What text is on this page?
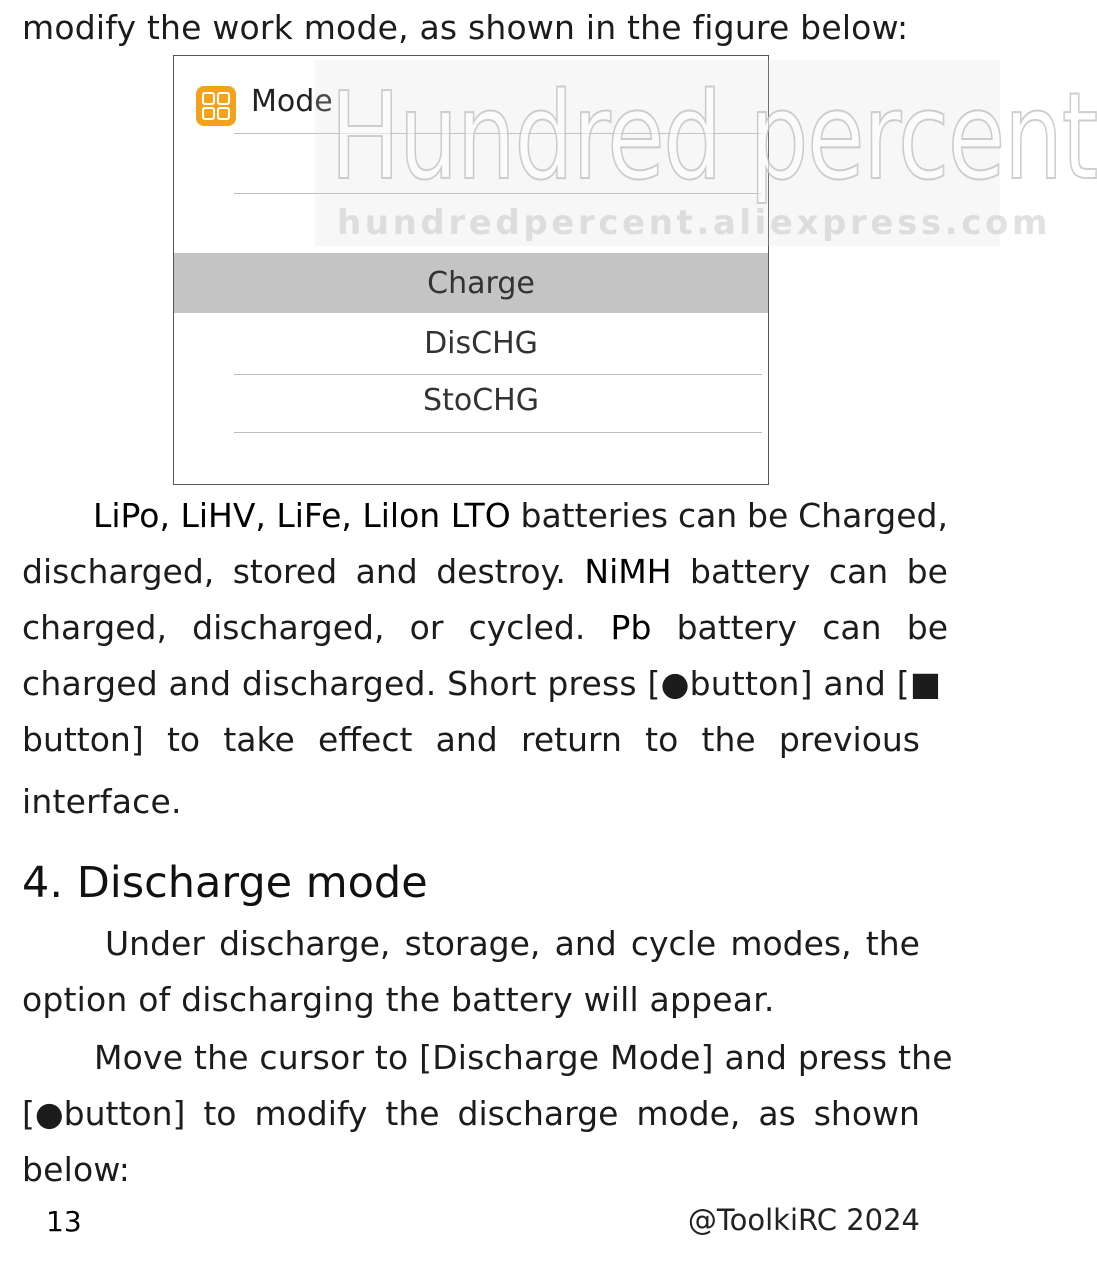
modify the work mode, as shown in the figure below:
Mode
Charge
DisCHG
StoCHG
Hundred percent
hundredpercent.aliexpress.com
LiPo, LiHV, LiFe, Lilon LTO batteries can be Charged,
discharged, stored and destroy. NiMH battery can be
charged, discharged, or cycled. Pb battery can be
charged and discharged. Short press [●button] and [■
button] to take effect and return to the previous
interface.
4. Discharge mode
Under discharge, storage, and cycle modes, the
option of discharging the battery will appear.
Move the cursor to [Discharge Mode] and press the
[●button] to modify the discharge mode, as shown
below:
13	@ToolkiRC 2024
